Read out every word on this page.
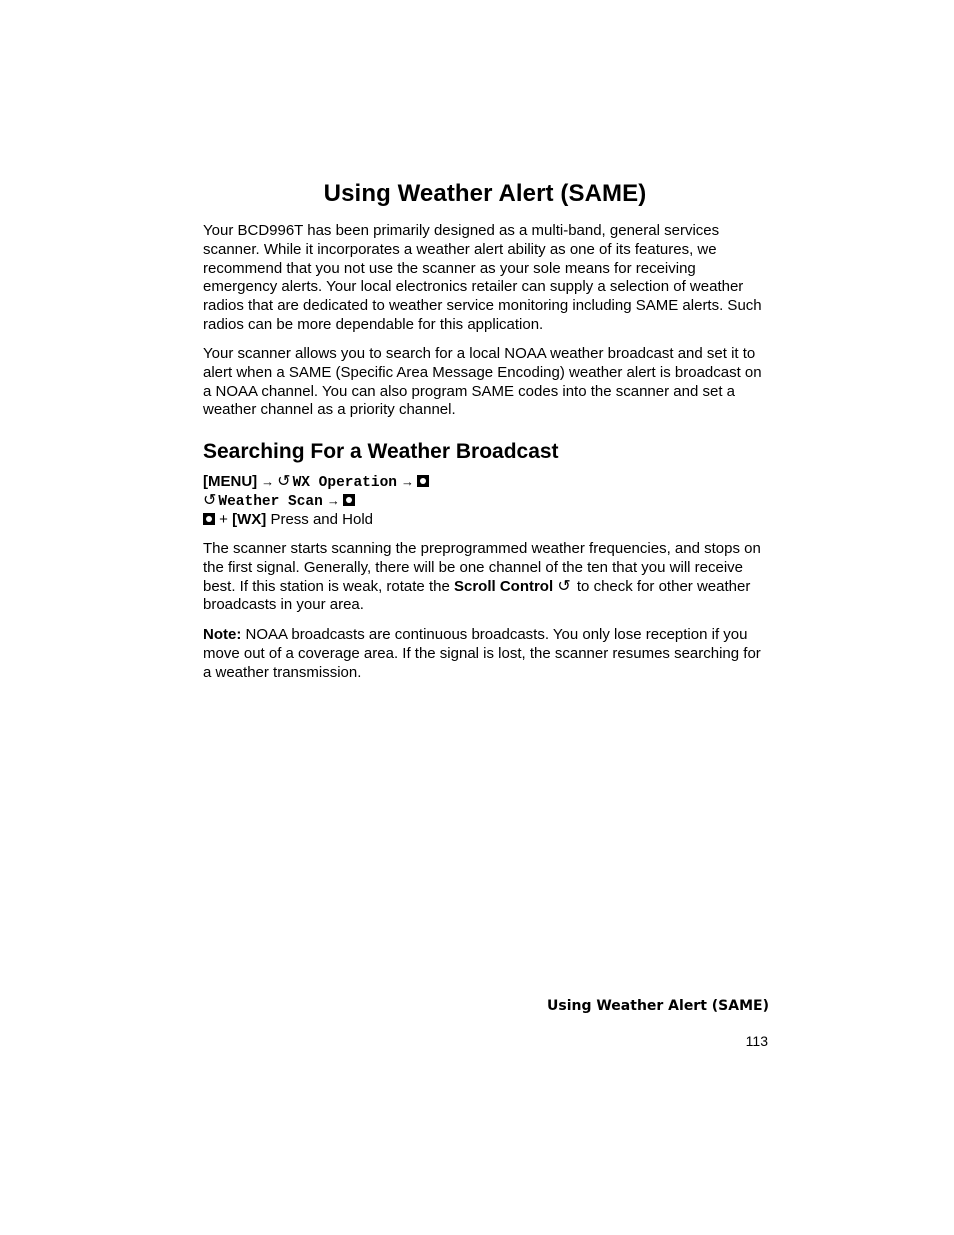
Using Weather Alert (SAME)

Your BCD996T has been primarily designed as a multi-band, general services scanner. While it incorporates a weather alert ability as one of its features, we recommend that you not use the scanner as your sole means for receiving emergency alerts. Your local electronics retailer can supply a selection of weather radios that are dedicated to weather service monitoring including SAME alerts. Such radios can be more dependable for this application.

Your scanner allows you to search for a local NOAA weather broadcast and set it to alert when a SAME (Specific Area Message Encoding) weather alert is broadcast on a NOAA channel. You can also program SAME codes into the scanner and set a weather channel as a priority channel.

Searching For a Weather Broadcast
[MENU] → ↺ WX Operation →
↺ Weather Scan →
+ [WX] Press and Hold

The scanner starts scanning the preprogrammed weather frequencies, and stops on the first signal. Generally, there will be one channel of the ten that you will receive best. If this station is weak, rotate the Scroll Control ↺ to check for other weather broadcasts in your area.

Note: NOAA broadcasts are continuous broadcasts. You only lose reception if you move out of a coverage area. If the signal is lost, the scanner resumes searching for a weather transmission.

Using Weather Alert (SAME)
113
